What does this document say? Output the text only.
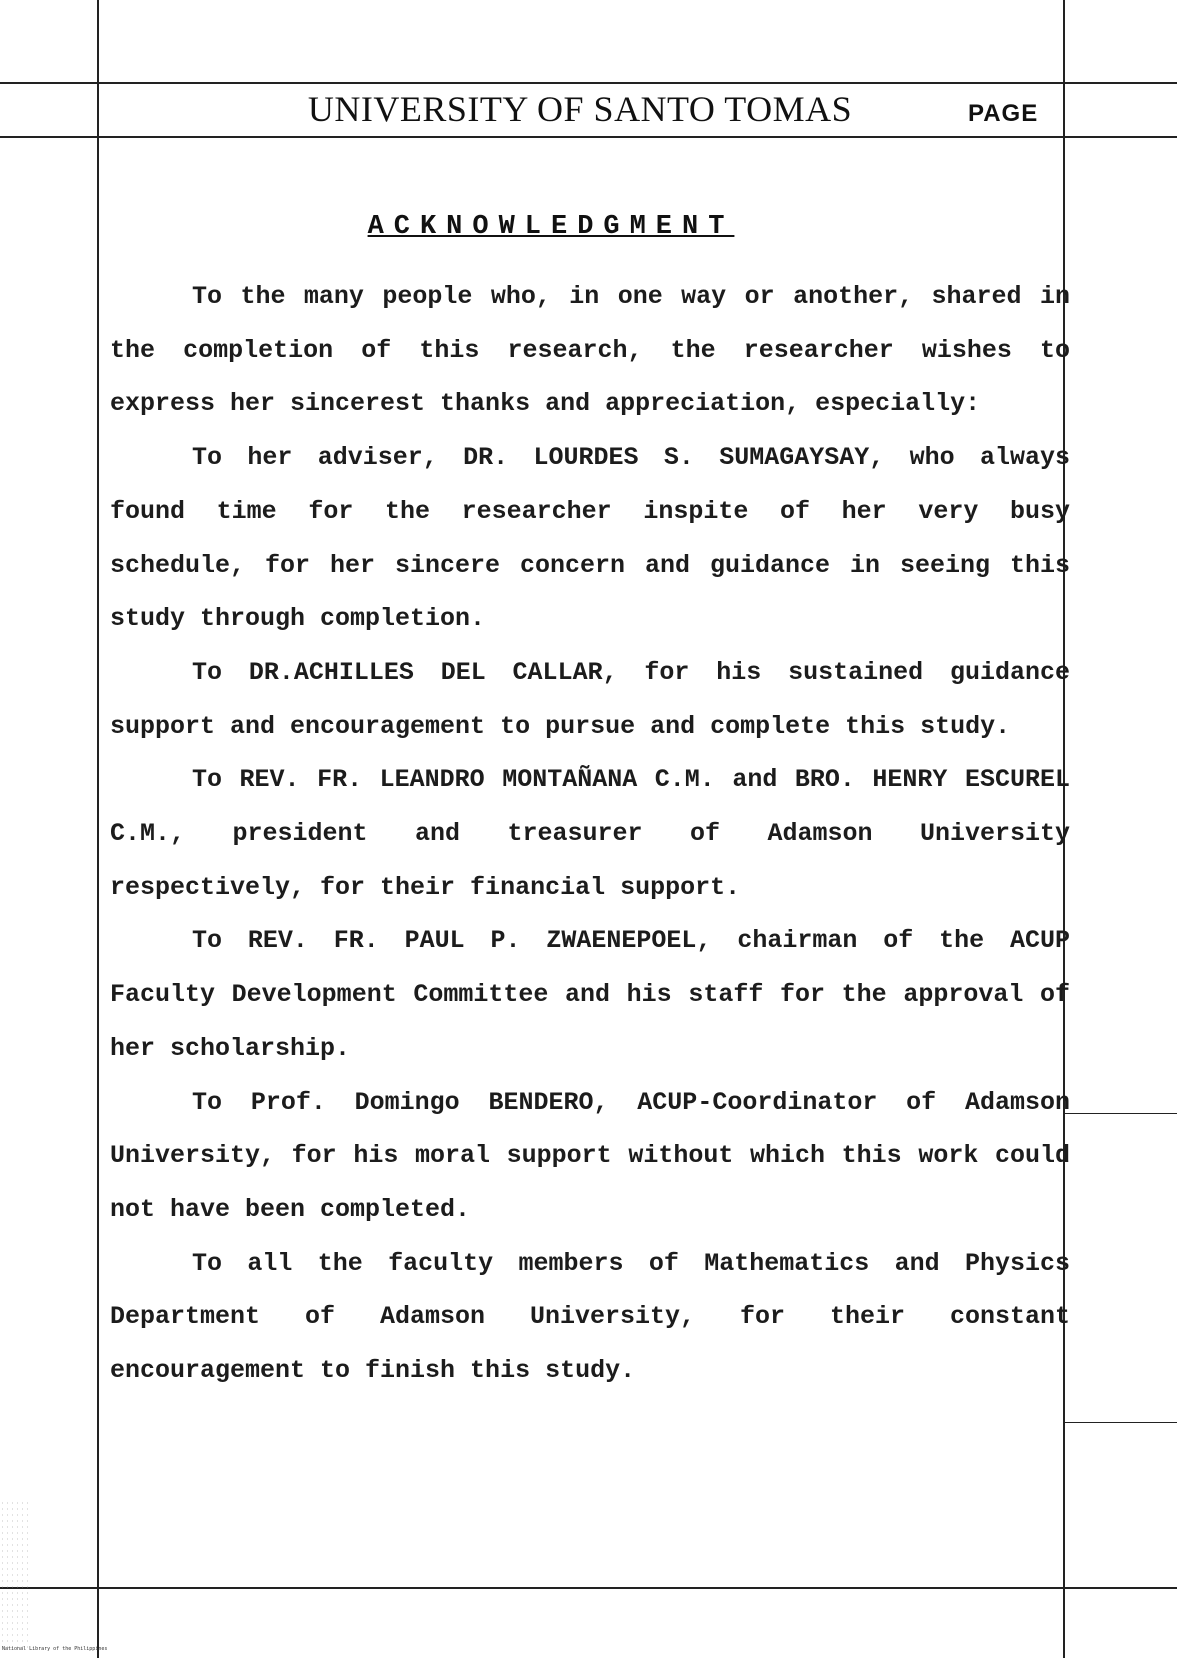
UNIVERSITY OF SANTO TOMAS	PAGE
ACKNOWLEDGMENT

To the many people who, in one way or another, shared in the completion of this research, the researcher wishes to express her sincerest thanks and appreciation, especially:

To her adviser, DR. LOURDES S. SUMAGAYSAY, who always found time for the researcher inspite of her very busy schedule, for her sincere concern and guidance in seeing this study through completion.

To DR.ACHILLES DEL CALLAR, for his sustained guidance support and encouragement to pursue and complete this study.

To REV. FR. LEANDRO MONTAÑANA C.M. and BRO. HENRY ESCUREL C.M., president and treasurer of Adamson University respectively, for their financial support.

To REV. FR. PAUL P. ZWAENEPOEL, chairman of the ACUP Faculty Development Committee and his staff for the approval of her scholarship.

To Prof. Domingo BENDERO, ACUP-Coordinator of Adamson University, for his moral support without which this work could not have been completed.

To all the faculty members of Mathematics and Physics Department of Adamson University, for their constant encouragement to finish this study.

National Library of the Philippines
